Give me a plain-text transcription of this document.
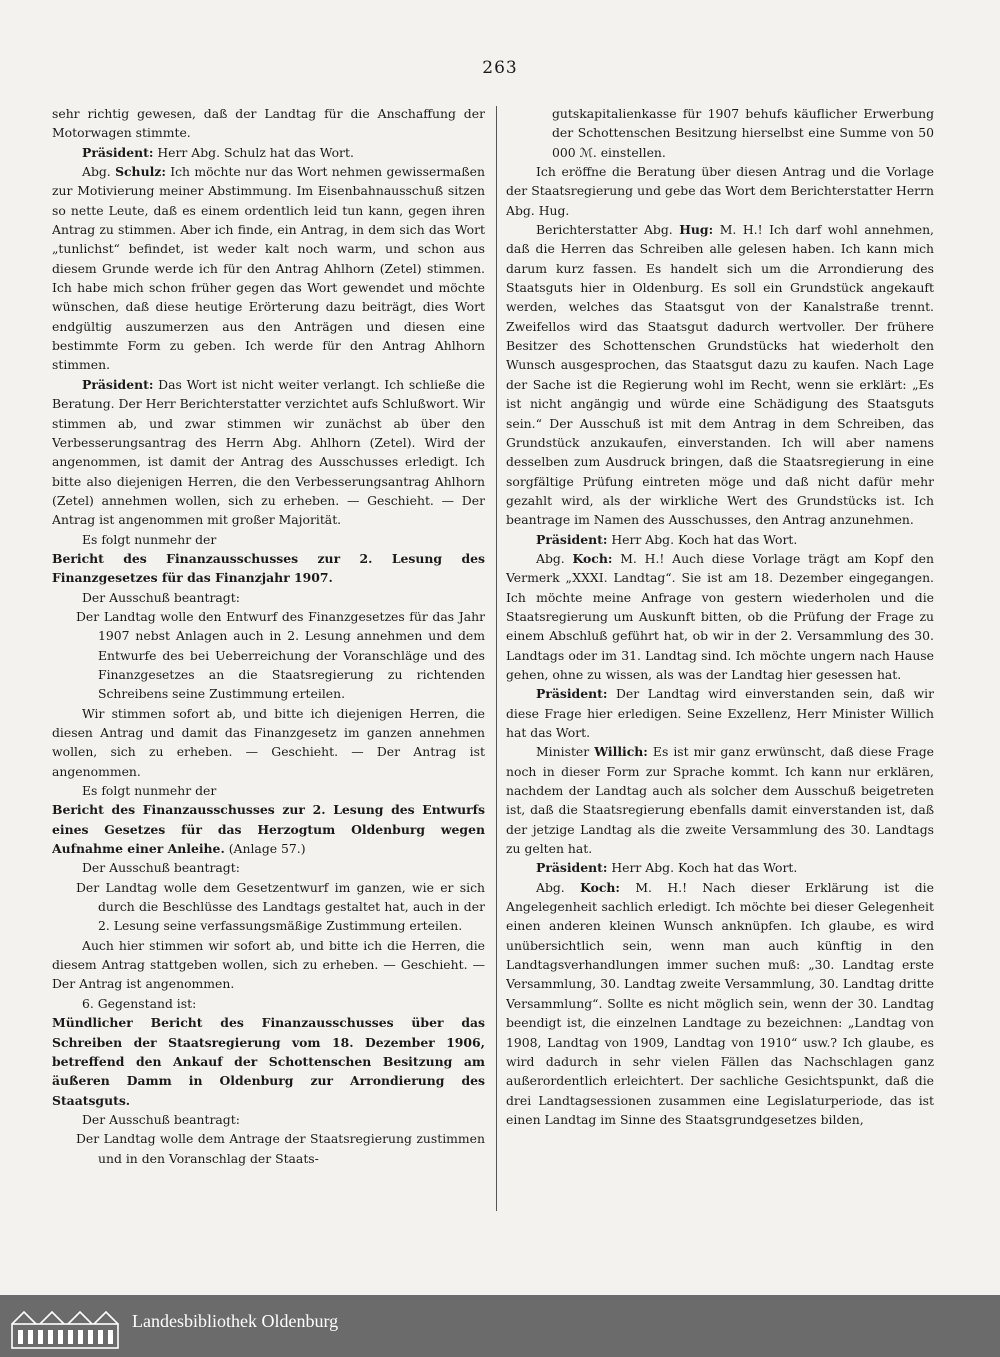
263

sehr richtig gewesen, daß der Landtag für die Anschaffung der Motorwagen stimmte.

Präsident: Herr Abg. Schulz hat das Wort.

Abg. Schulz: Ich möchte nur das Wort nehmen gewissermaßen zur Motivierung meiner Abstimmung. Im Eisenbahnausschuß sitzen so nette Leute, daß es einem ordentlich leid tun kann, gegen ihren Antrag zu stimmen. Aber ich finde, ein Antrag, in dem sich das Wort „tunlichst“ befindet, ist weder kalt noch warm, und schon aus diesem Grunde werde ich für den Antrag Ahlhorn (Zetel) stimmen. Ich habe mich schon früher gegen das Wort gewendet und möchte wünschen, daß diese heutige Erörterung dazu beiträgt, dies Wort endgültig auszumerzen aus den Anträgen und diesen eine bestimmte Form zu geben. Ich werde für den Antrag Ahlhorn stimmen.

Präsident: Das Wort ist nicht weiter verlangt. Ich schließe die Beratung. Der Herr Berichterstatter verzichtet aufs Schlußwort. Wir stimmen ab, und zwar stimmen wir zunächst ab über den Verbesserungsantrag des Herrn Abg. Ahlhorn (Zetel). Wird der angenommen, ist damit der Antrag des Ausschusses erledigt. Ich bitte also diejenigen Herren, die den Verbesserungsantrag Ahlhorn (Zetel) annehmen wollen, sich zu erheben. — Geschieht. — Der Antrag ist angenommen mit großer Majorität.

Es folgt nunmehr der

Bericht des Finanzausschusses zur 2. Lesung des Finanzgesetzes für das Finanzjahr 1907.

Der Ausschuß beantragt:

Der Landtag wolle den Entwurf des Finanzgesetzes für das Jahr 1907 nebst Anlagen auch in 2. Lesung annehmen und dem Entwurfe des bei Ueberreichung der Voranschläge und des Finanzgesetzes an die Staatsregierung zu richtenden Schreibens seine Zustimmung erteilen.

Wir stimmen sofort ab, und bitte ich diejenigen Herren, die diesen Antrag und damit das Finanzgesetz im ganzen annehmen wollen, sich zu erheben. — Geschieht. — Der Antrag ist angenommen.

Es folgt nunmehr der

Bericht des Finanzausschusses zur 2. Lesung des Entwurfs eines Gesetzes für das Herzogtum Oldenburg wegen Aufnahme einer Anleihe. (Anlage 57.)

Der Ausschuß beantragt:

Der Landtag wolle dem Gesetzentwurf im ganzen, wie er sich durch die Beschlüsse des Landtags gestaltet hat, auch in der 2. Lesung seine verfassungsmäßige Zustimmung erteilen.

Auch hier stimmen wir sofort ab, und bitte ich die Herren, die diesem Antrag stattgeben wollen, sich zu erheben. — Geschieht. — Der Antrag ist angenommen.

6. Gegenstand ist:

Mündlicher Bericht des Finanzausschusses über das Schreiben der Staatsregierung vom 18. Dezember 1906, betreffend den Ankauf der Schottenschen Besitzung am äußeren Damm in Oldenburg zur Arrondierung des Staatsguts.

Der Ausschuß beantragt:

Der Landtag wolle dem Antrage der Staatsregierung zustimmen und in den Voranschlag der Staats-

gutskapitalienkasse für 1907 behufs käuflicher Erwerbung der Schottenschen Besitzung hierselbst eine Summe von 50 000 ℳ. einstellen.

Ich eröffne die Beratung über diesen Antrag und die Vorlage der Staatsregierung und gebe das Wort dem Berichterstatter Herrn Abg. Hug.

Berichterstatter Abg. Hug: M. H.! Ich darf wohl annehmen, daß die Herren das Schreiben alle gelesen haben. Ich kann mich darum kurz fassen. Es handelt sich um die Arrondierung des Staatsguts hier in Oldenburg. Es soll ein Grundstück angekauft werden, welches das Staatsgut von der Kanalstraße trennt. Zweifellos wird das Staatsgut dadurch wertvoller. Der frühere Besitzer des Schottenschen Grundstücks hat wiederholt den Wunsch ausgesprochen, das Staatsgut dazu zu kaufen. Nach Lage der Sache ist die Regierung wohl im Recht, wenn sie erklärt: „Es ist nicht angängig und würde eine Schädigung des Staatsguts sein.“ Der Ausschuß ist mit dem Antrag in dem Schreiben, das Grundstück anzukaufen, einverstanden. Ich will aber namens desselben zum Ausdruck bringen, daß die Staatsregierung in eine sorgfältige Prüfung eintreten möge und daß nicht dafür mehr gezahlt wird, als der wirkliche Wert des Grundstücks ist. Ich beantrage im Namen des Ausschusses, den Antrag anzunehmen.

Präsident: Herr Abg. Koch hat das Wort.

Abg. Koch: M. H.! Auch diese Vorlage trägt am Kopf den Vermerk „XXXI. Landtag“. Sie ist am 18. Dezember eingegangen. Ich möchte meine Anfrage von gestern wiederholen und die Staatsregierung um Auskunft bitten, ob die Prüfung der Frage zu einem Abschluß geführt hat, ob wir in der 2. Versammlung des 30. Landtags oder im 31. Landtag sind. Ich möchte ungern nach Hause gehen, ohne zu wissen, als was der Landtag hier gesessen hat.

Präsident: Der Landtag wird einverstanden sein, daß wir diese Frage hier erledigen. Seine Exzellenz, Herr Minister Willich hat das Wort.

Minister Willich: Es ist mir ganz erwünscht, daß diese Frage noch in dieser Form zur Sprache kommt. Ich kann nur erklären, nachdem der Landtag auch als solcher dem Ausschuß beigetreten ist, daß die Staatsregierung ebenfalls damit einverstanden ist, daß der jetzige Landtag als die zweite Versammlung des 30. Landtags zu gelten hat.

Präsident: Herr Abg. Koch hat das Wort.

Abg. Koch: M. H.! Nach dieser Erklärung ist die Angelegenheit sachlich erledigt. Ich möchte bei dieser Gelegenheit einen anderen kleinen Wunsch anknüpfen. Ich glaube, es wird unübersichtlich sein, wenn man auch künftig in den Landtagsverhandlungen immer suchen muß: „30. Landtag erste Versammlung, 30. Landtag zweite Versammlung, 30. Landtag dritte Versammlung“. Sollte es nicht möglich sein, wenn der 30. Landtag beendigt ist, die einzelnen Landtage zu bezeichnen: „Landtag von 1908, Landtag von 1909, Landtag von 1910“ usw.? Ich glaube, es wird dadurch in sehr vielen Fällen das Nachschlagen ganz außerordentlich erleichtert. Der sachliche Gesichtspunkt, daß die drei Landtagsessionen zusammen eine Legislaturperiode, das ist einen Landtag im Sinne des Staatsgrundgesetzes bilden,

Landesbibliothek Oldenburg
